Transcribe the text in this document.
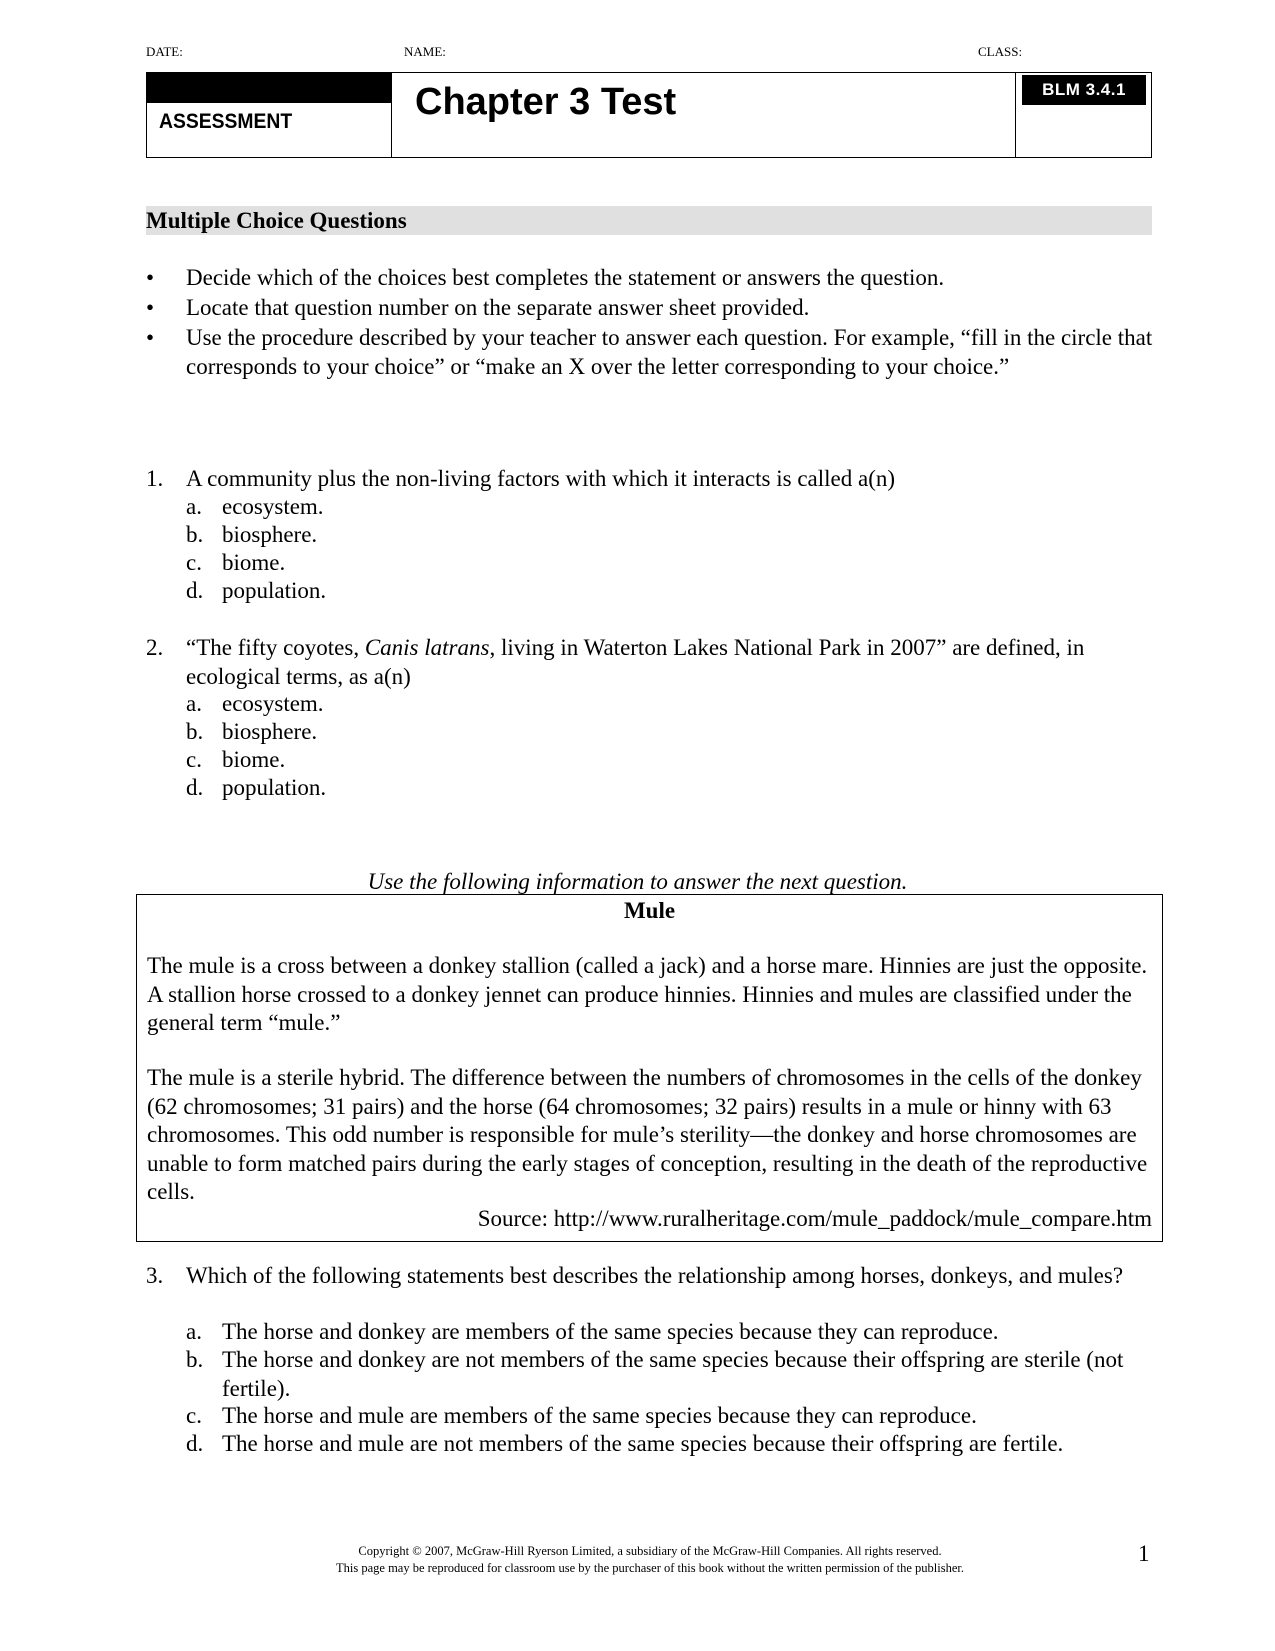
DATE:	NAME:	CLASS:
ASSESSMENT	Chapter 3 Test	BLM 3.4.1
Multiple Choice Questions
• Decide which of the choices best completes the statement or answers the question.
• Locate that question number on the separate answer sheet provided.
• Use the procedure described by your teacher to answer each question. For example, “fill in the circle that corresponds to your choice” or “make an X over the letter corresponding to your choice.”
1. A community plus the non-living factors with which it interacts is called a(n)
a. ecosystem.
b. biosphere.
c. biome.
d. population.
2. “The fifty coyotes, Canis latrans, living in Waterton Lakes National Park in 2007” are defined, in ecological terms, as a(n)
a. ecosystem.
b. biosphere.
c. biome.
d. population.
Use the following information to answer the next question.
Mule
The mule is a cross between a donkey stallion (called a jack) and a horse mare. Hinnies are just the opposite. A stallion horse crossed to a donkey jennet can produce hinnies. Hinnies and mules are classified under the general term “mule.”
The mule is a sterile hybrid. The difference between the numbers of chromosomes in the cells of the donkey (62 chromosomes; 31 pairs) and the horse (64 chromosomes; 32 pairs) results in a mule or hinny with 63 chromosomes. This odd number is responsible for mule’s sterility—the donkey and horse chromosomes are unable to form matched pairs during the early stages of conception, resulting in the death of the reproductive cells.
Source: http://www.ruralheritage.com/mule_paddock/mule_compare.htm
3. Which of the following statements best describes the relationship among horses, donkeys, and mules?
a. The horse and donkey are members of the same species because they can reproduce.
b. The horse and donkey are not members of the same species because their offspring are sterile (not fertile).
c. The horse and mule are members of the same species because they can reproduce.
d. The horse and mule are not members of the same species because their offspring are fertile.
Copyright © 2007, McGraw-Hill Ryerson Limited, a subsidiary of the McGraw-Hill Companies. All rights reserved.
This page may be reproduced for classroom use by the purchaser of this book without the written permission of the publisher.
1
